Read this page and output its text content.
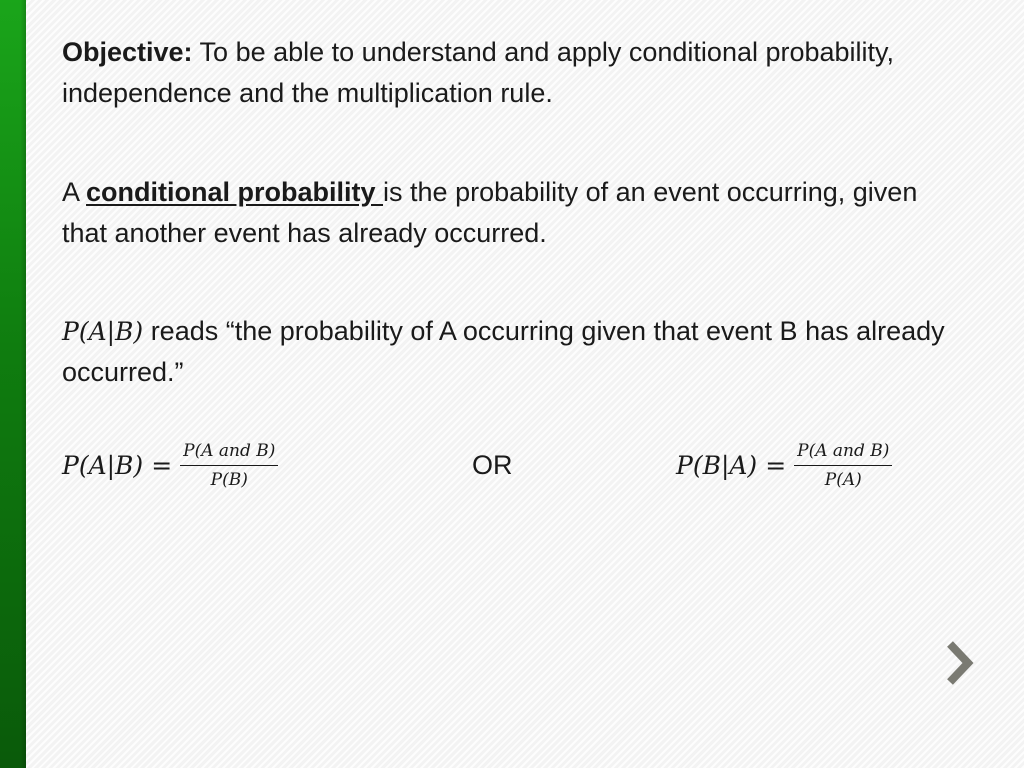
Objective: To be able to understand and apply conditional probability, independence and the multiplication rule.

A conditional probability is the probability of an event occurring, given that another event has already occurred.

P(A|B) reads “the probability of A occurring given that event B has already occurred.”

$P(A|B) = \frac{\text{P(A and B)}}{P(B)}$	OR	$P(B|A) = \frac{\text{P(A and B)}}{P(A)}$
